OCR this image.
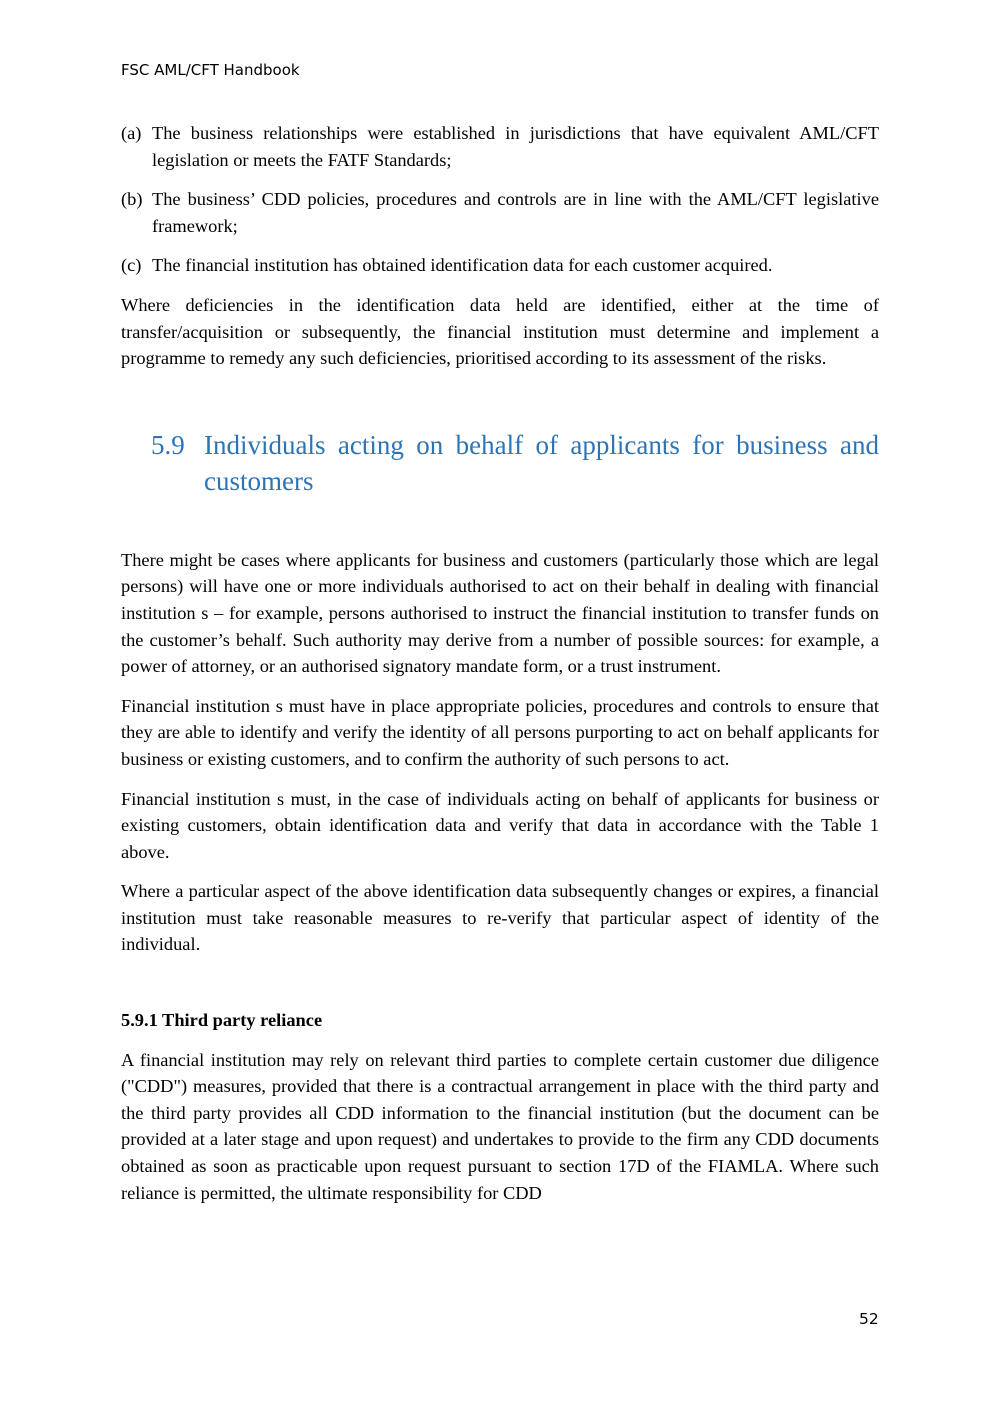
FSC AML/CFT Handbook
(a) The business relationships were established in jurisdictions that have equivalent AML/CFT legislation or meets the FATF Standards;
(b) The business’ CDD policies, procedures and controls are in line with the AML/CFT legislative framework;
(c) The financial institution has obtained identification data for each customer acquired.

Where deficiencies in the identification data held are identified, either at the time of transfer/acquisition or subsequently, the financial institution must determine and implement a programme to remedy any such deficiencies, prioritised according to its assessment of the risks.

5.9 Individuals acting on behalf of applicants for business and customers

There might be cases where applicants for business and customers (particularly those which are legal persons) will have one or more individuals authorised to act on their behalf in dealing with financial institution s – for example, persons authorised to instruct the financial institution to transfer funds on the customer’s behalf. Such authority may derive from a number of possible sources: for example, a power of attorney, or an authorised signatory mandate form, or a trust instrument.

Financial institution s must have in place appropriate policies, procedures and controls to ensure that they are able to identify and verify the identity of all persons purporting to act on behalf applicants for business or existing customers, and to confirm the authority of such persons to act.

Financial institution s must, in the case of individuals acting on behalf of applicants for business or existing customers, obtain identification data and verify that data in accordance with the Table 1 above.

Where a particular aspect of the above identification data subsequently changes or expires, a financial institution must take reasonable measures to re-verify that particular aspect of identity of the individual.

5.9.1 Third party reliance

A financial institution may rely on relevant third parties to complete certain customer due diligence ("CDD") measures, provided that there is a contractual arrangement in place with the third party and the third party provides all CDD information to the financial institution (but the document can be provided at a later stage and upon request) and undertakes to provide to the firm any CDD documents obtained as soon as practicable upon request pursuant to section 17D of the FIAMLA. Where such reliance is permitted, the ultimate responsibility for CDD

52
